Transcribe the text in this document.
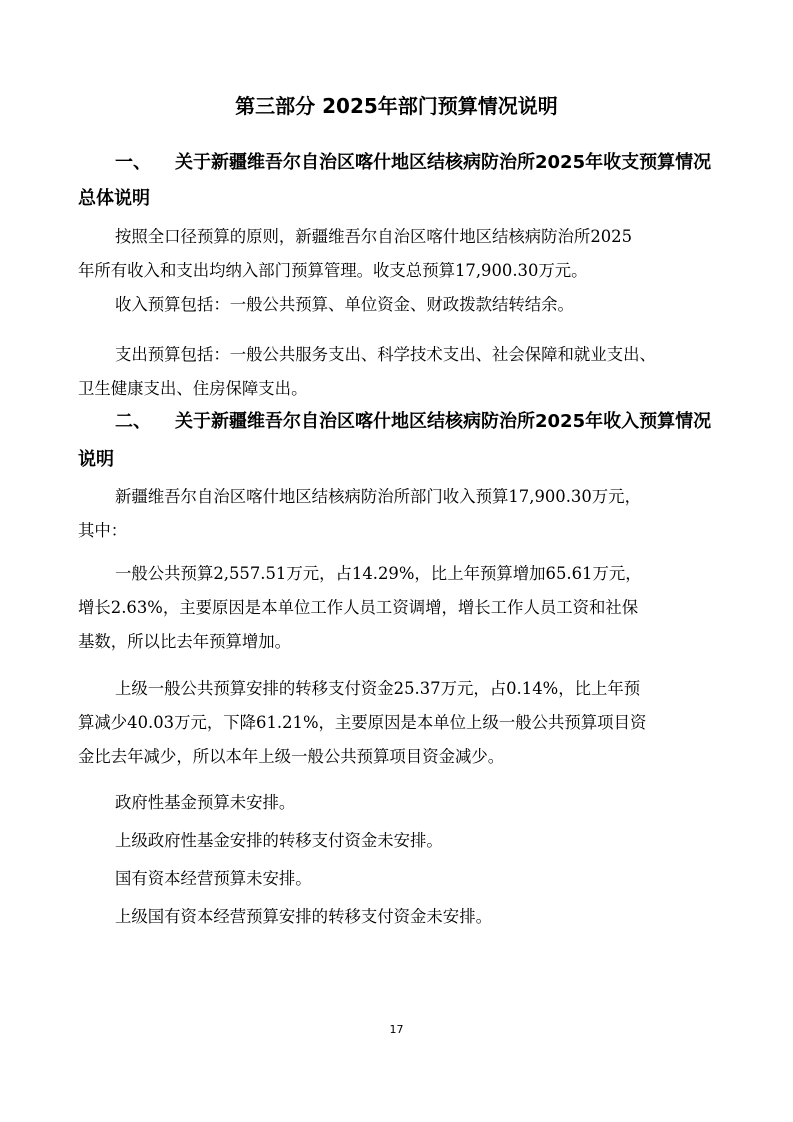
第三部分 2025年部门预算情况说明
一、 关于新疆维吾尔自治区喀什地区结核病防治所2025年收支预算情况
总体说明
按照全口径预算的原则，新疆维吾尔自治区喀什地区结核病防治所2025
年所有收入和支出均纳入部门预算管理。收支总预算17,900.30万元。
收入预算包括：一般公共预算、单位资金、财政拨款结转结余。
支出预算包括：一般公共服务支出、科学技术支出、社会保障和就业支出、
卫生健康支出、住房保障支出。
二、 关于新疆维吾尔自治区喀什地区结核病防治所2025年收入预算情况
说明
新疆维吾尔自治区喀什地区结核病防治所部门收入预算17,900.30万元，
其中：
一般公共预算2,557.51万元，占14.29%，比上年预算增加65.61万元，
增长2.63%，主要原因是本单位工作人员工资调增，增长工作人员工资和社保
基数，所以比去年预算增加。
上级一般公共预算安排的转移支付资金25.37万元，占0.14%，比上年预
算减少40.03万元，下降61.21%，主要原因是本单位上级一般公共预算项目资
金比去年减少，所以本年上级一般公共预算项目资金减少。
政府性基金预算未安排。
上级政府性基金安排的转移支付资金未安排。
国有资本经营预算未安排。
上级国有资本经营预算安排的转移支付资金未安排。
17
